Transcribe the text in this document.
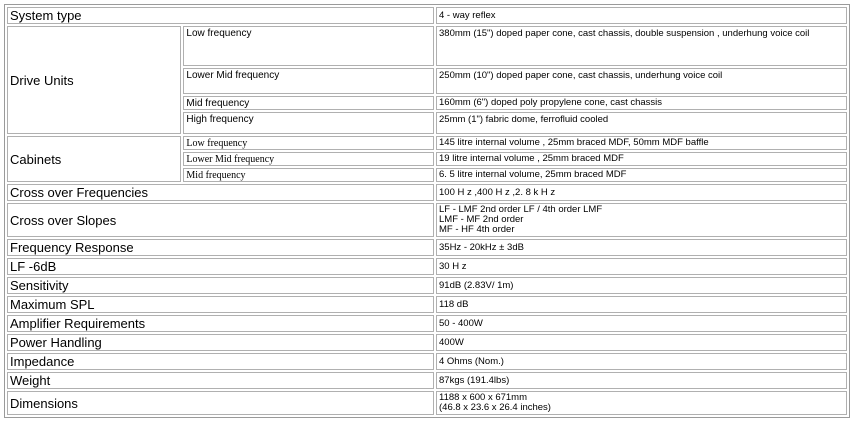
System type		4 - way reflex
Drive Units	Low frequency	380mm (15") doped paper cone, cast chassis, double suspension , underhung voice coil
	Lower Mid frequency	250mm (10") doped paper cone, cast chassis, underhung voice coil
	Mid frequency	160mm (6") doped poly propylene cone, cast chassis
	High frequency	25mm (1") fabric dome, ferrofluid cooled
Cabinets	Low frequency	145 litre internal volume , 25mm braced MDF, 50mm MDF baffle
	Lower Mid frequency	19 litre internal volume , 25mm braced MDF
	Mid frequency	6. 5 litre internal volume, 25mm braced MDF
Cross over Frequencies		100 H z ,400 H z ,2. 8 k H z
Cross over Slopes		LF - LMF 2nd order LF / 4th order LMF
LMF - MF 2nd order
MF - HF 4th order

Frequency Response		35Hz - 20kHz ± 3dB
LF -6dB		30 H z
Sensitivity		91dB (2.83V/ 1m)
Maximum SPL		118 dB
Amplifier Requirements		50 - 400W
Power Handling		400W
Impedance		4 Ohms (Nom.)
Weight		87kgs (191.4lbs)
Dimensions		1188 x 600 x 671mm
(46.8 x 23.6 x 26.4 inches)
